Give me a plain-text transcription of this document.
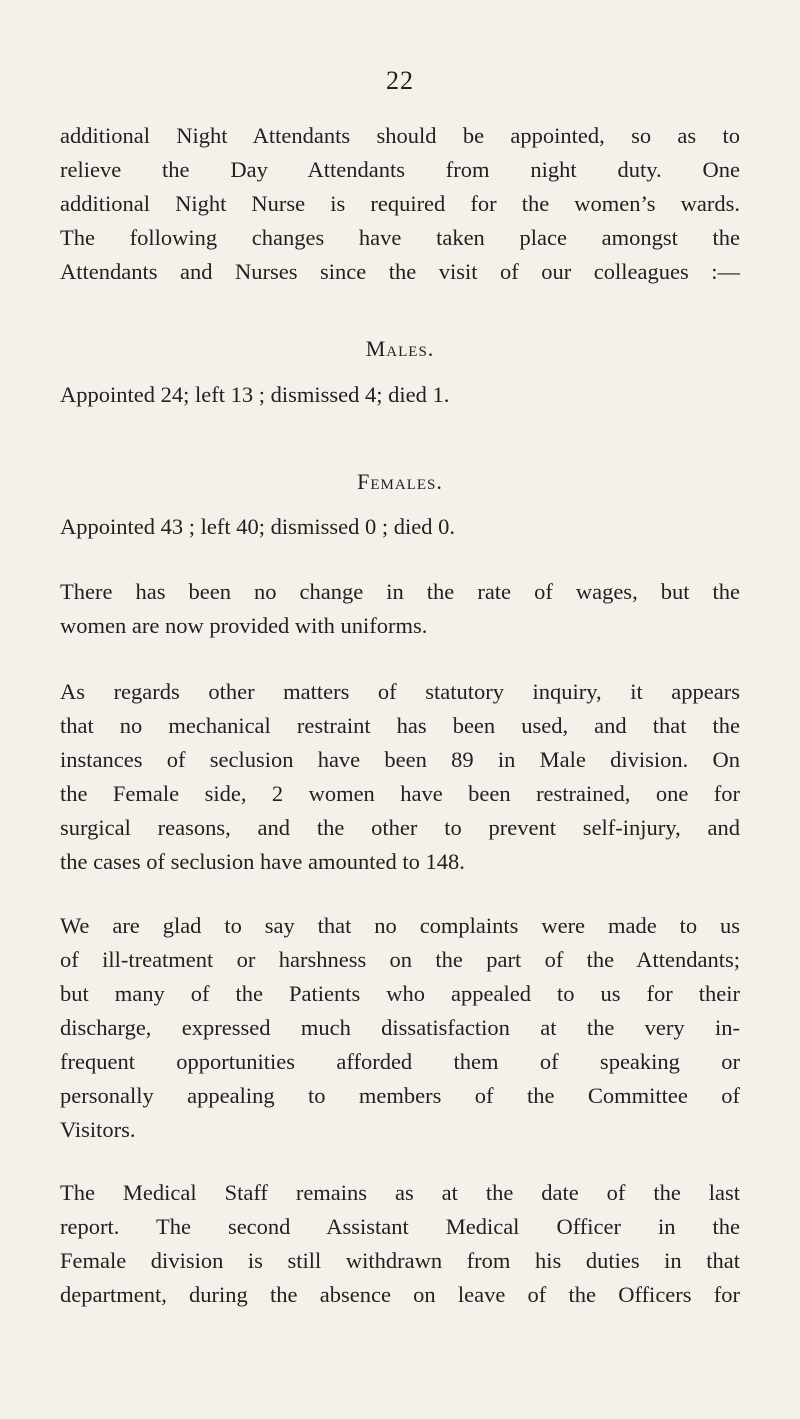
22
additional Night Attendants should be appointed, so as to
relieve the Day Attendants from night duty. One
additional Night Nurse is required for the women’s wards.
The following changes have taken place amongst the
Attendants and Nurses since the visit of our colleagues :—
Males.
Appointed 24; left 13 ; dismissed 4; died 1.
Females.
Appointed 43 ; left 40; dismissed 0 ; died 0.
There has been no change in the rate of wages, but the
women are now provided with uniforms.
As regards other matters of statutory inquiry, it appears
that no mechanical restraint has been used, and that the
instances of seclusion have been 89 in Male division. On
the Female side, 2 women have been restrained, one for
surgical reasons, and the other to prevent self-injury, and
the cases of seclusion have amounted to 148.
We are glad to say that no complaints were made to us
of ill-treatment or harshness on the part of the Attendants;
but many of the Patients who appealed to us for their
discharge, expressed much dissatisfaction at the very in-
frequent opportunities afforded them of speaking or
personally appealing to members of the Committee of
Visitors.
The Medical Staff remains as at the date of the last
report. The second Assistant Medical Officer in the
Female division is still withdrawn from his duties in that
department, during the absence on leave of the Officers for
